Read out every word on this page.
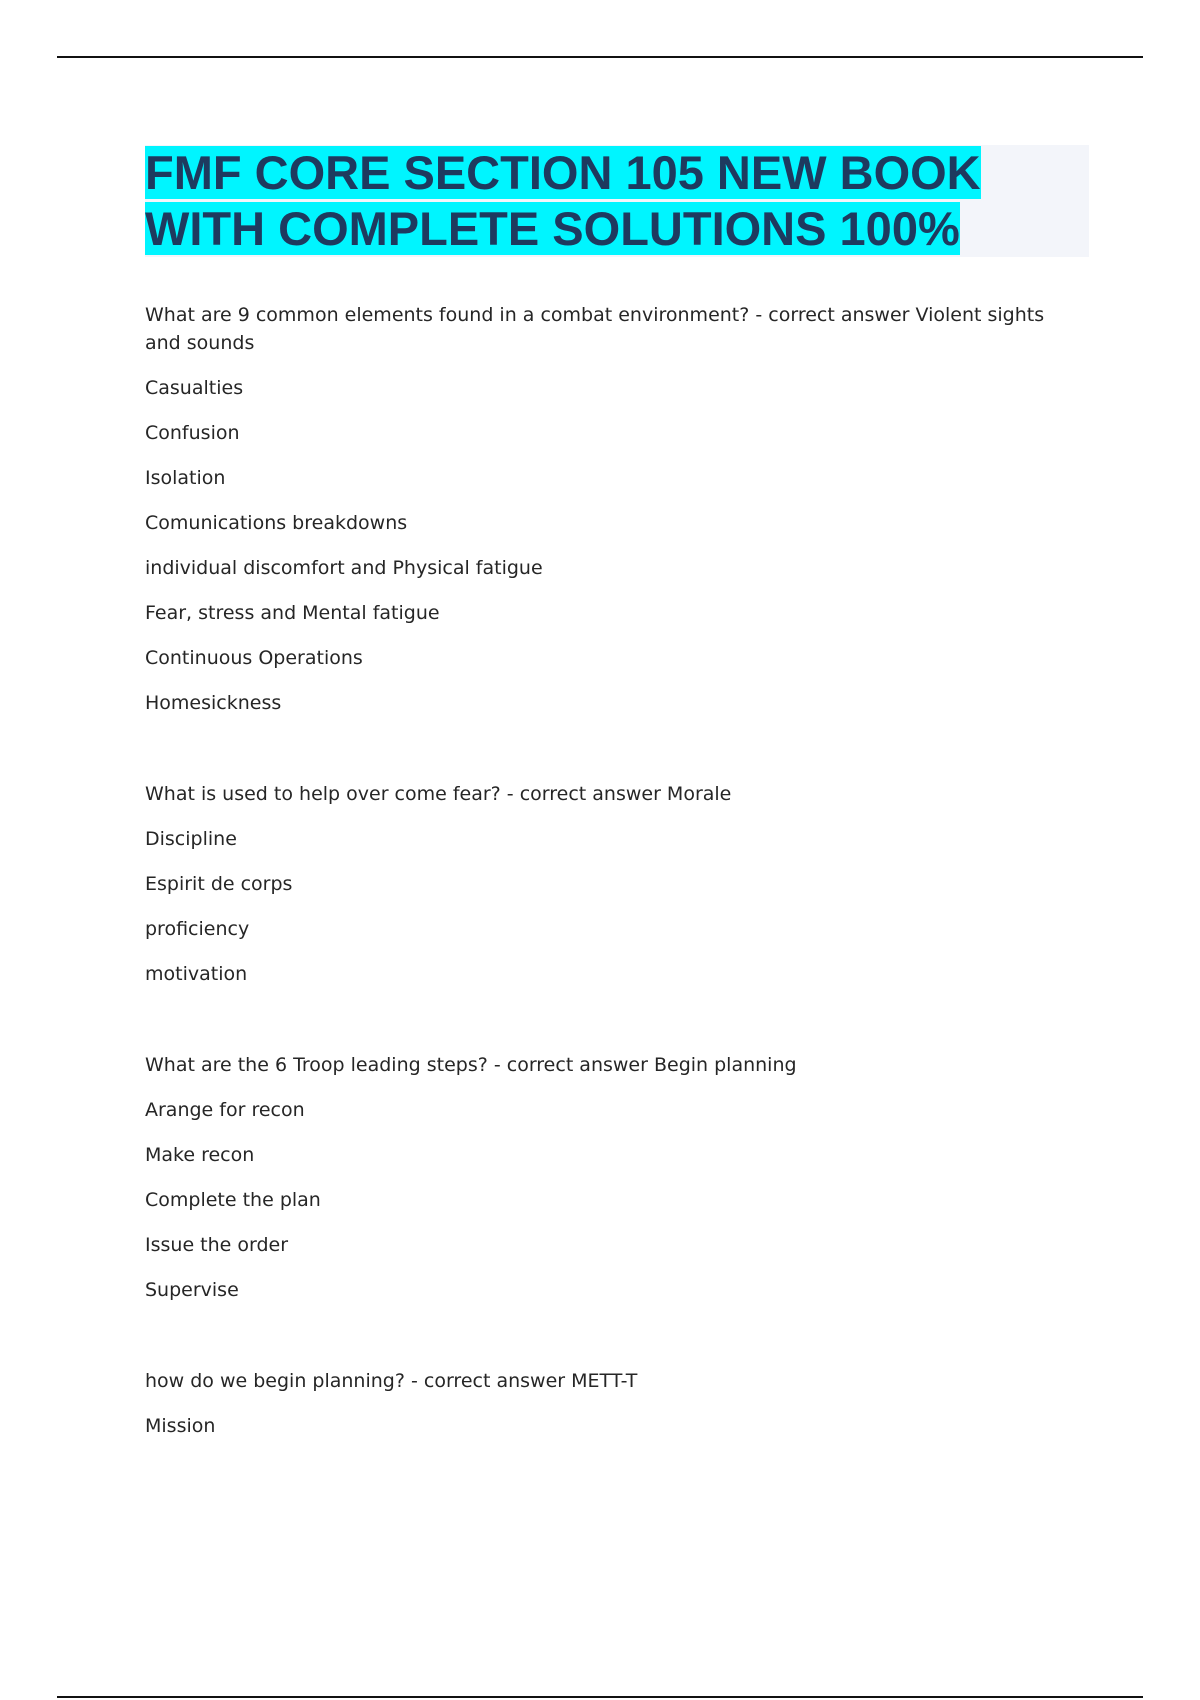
FMF CORE SECTION 105 NEW BOOK
WITH COMPLETE SOLUTIONS 100%

What are 9 common elements found in a combat environment? - correct answer Violent sights and sounds

Casualties
Confusion
Isolation
Comunications breakdowns
individual discomfort and Physical fatigue
Fear, stress and Mental fatigue
Continuous Operations
Homesickness

What is used to help over come fear? - correct answer Morale

Discipline
Espirit de corps
proficiency
motivation

What are the 6 Troop leading steps? - correct answer Begin planning

Arange for recon
Make recon
Complete the plan
Issue the order
Supervise

how do we begin planning? - correct answer METT-T

Mission
